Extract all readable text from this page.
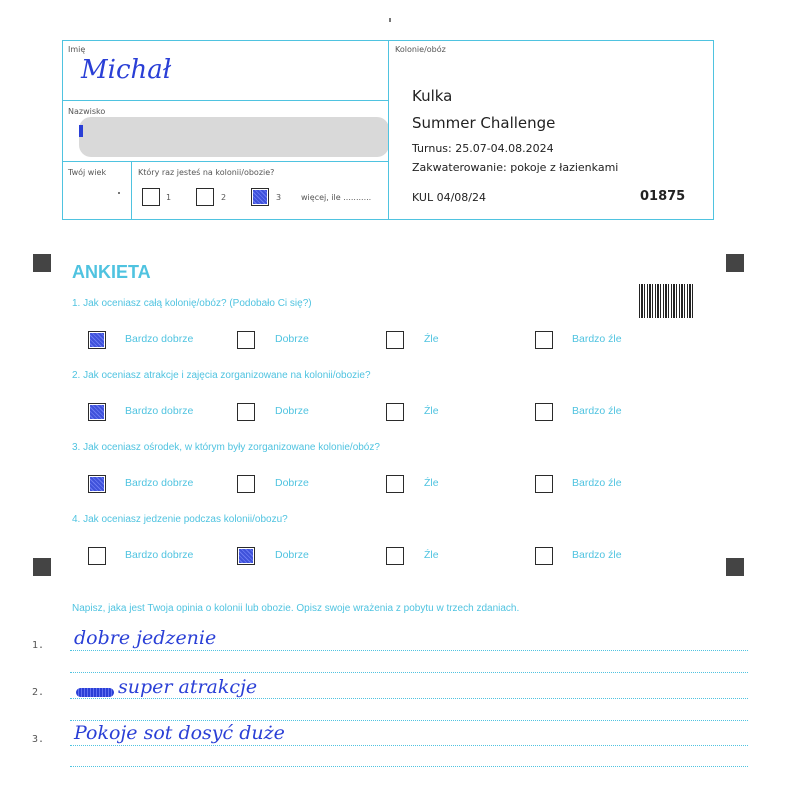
Imię
Michał
Nazwisko
Twój wiek	Który raz jesteś na kolonii/obozie?
1	2	3 więcej, ile ...........
Kolonie/obóz
Kulka
Summer Challenge
Turnus: 25.07-04.08.2024
Zakwaterowanie: pokoje z łazienkami
KUL 04/08/24	01875
ANKIETA
1. Jak oceniasz całą kolonię/obóz? (Podobało Ci się?)
Bardzo dobrze	Dobrze	Źle	Bardzo źle
2. Jak oceniasz atrakcje i zajęcia zorganizowane na kolonii/obozie?
Bardzo dobrze	Dobrze	Źle	Bardzo źle
3. Jak oceniasz ośrodek, w którym były zorganizowane kolonie/obóz?
Bardzo dobrze	Dobrze	Źle	Bardzo źle
4. Jak oceniasz jedzenie podczas kolonii/obozu?
Bardzo dobrze	Dobrze	Źle	Bardzo źle
Napisz, jaka jest Twoja opinia o kolonii lub obozie. Opisz swoje wrażenia z pobytu w trzech zdaniach.
1. dobre jedzenie
2.	super atrakcje
3. Pokoje sot dosyć duże
